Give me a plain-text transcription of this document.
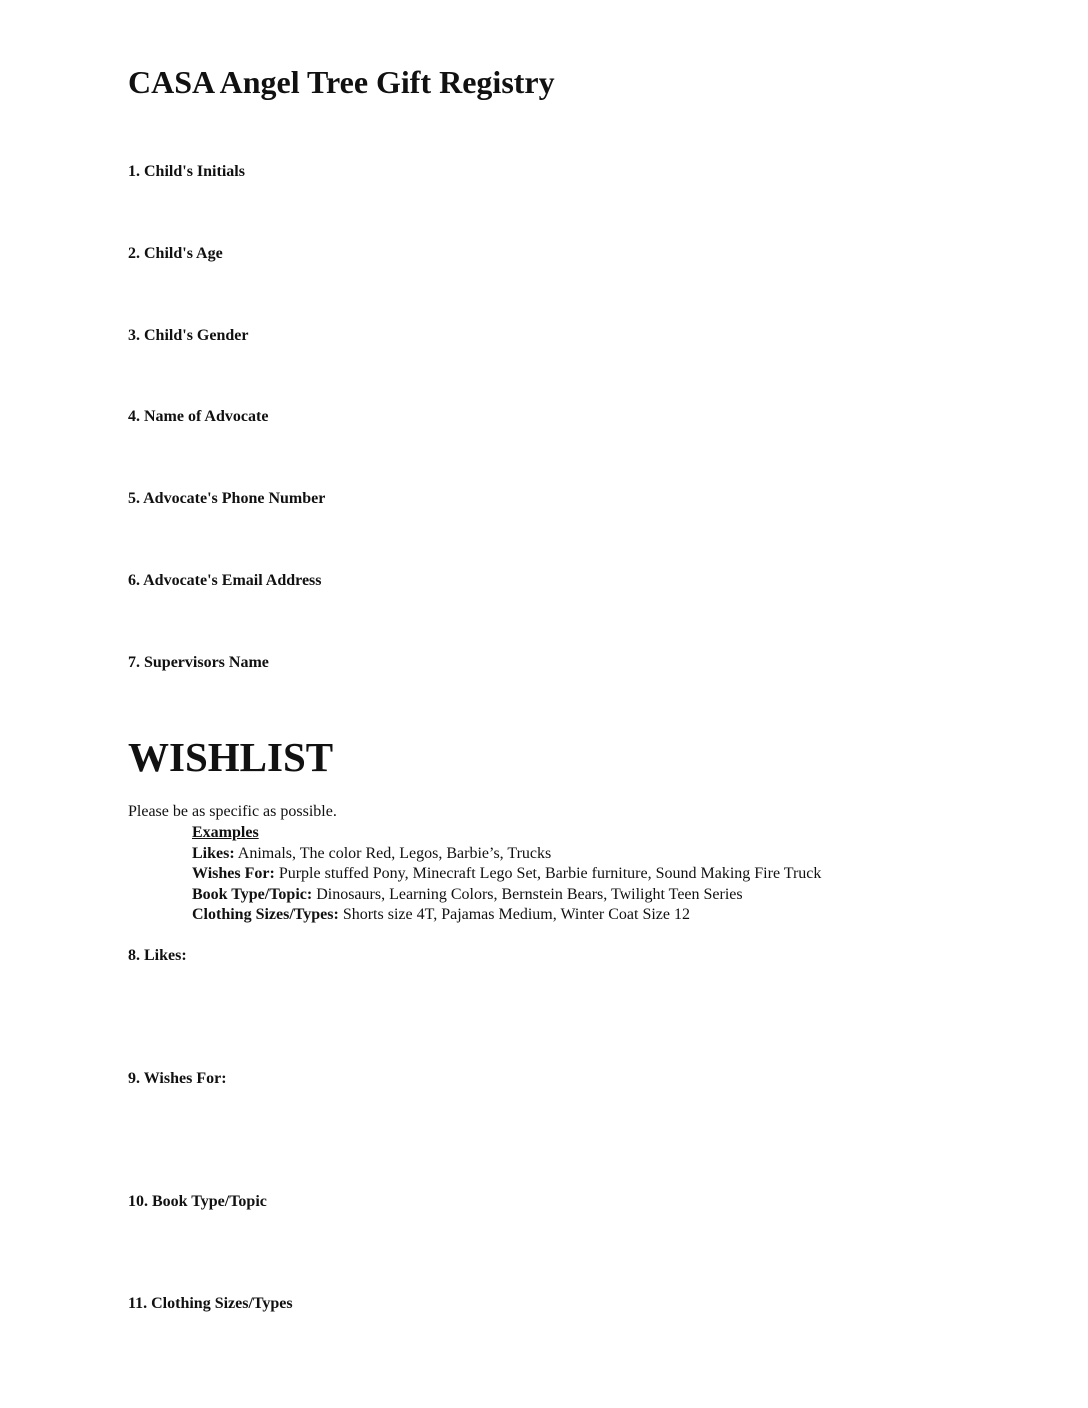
CASA Angel Tree Gift Registry

1. Child's Initials

2. Child's Age

3. Child's Gender

4. Name of Advocate

5. Advocate's Phone Number

6. Advocate's Email Address

7. Supervisors Name

WISHLIST

Please be as specific as possible.

Examples
Likes: Animals, The color Red, Legos, Barbie’s, Trucks
Wishes For: Purple stuffed Pony, Minecraft Lego Set, Barbie furniture, Sound Making Fire Truck
Book Type/Topic: Dinosaurs, Learning Colors, Bernstein Bears, Twilight Teen Series
Clothing Sizes/Types: Shorts size 4T, Pajamas Medium, Winter Coat Size 12

8. Likes:

9. Wishes For:

10. Book Type/Topic

11. Clothing Sizes/Types
